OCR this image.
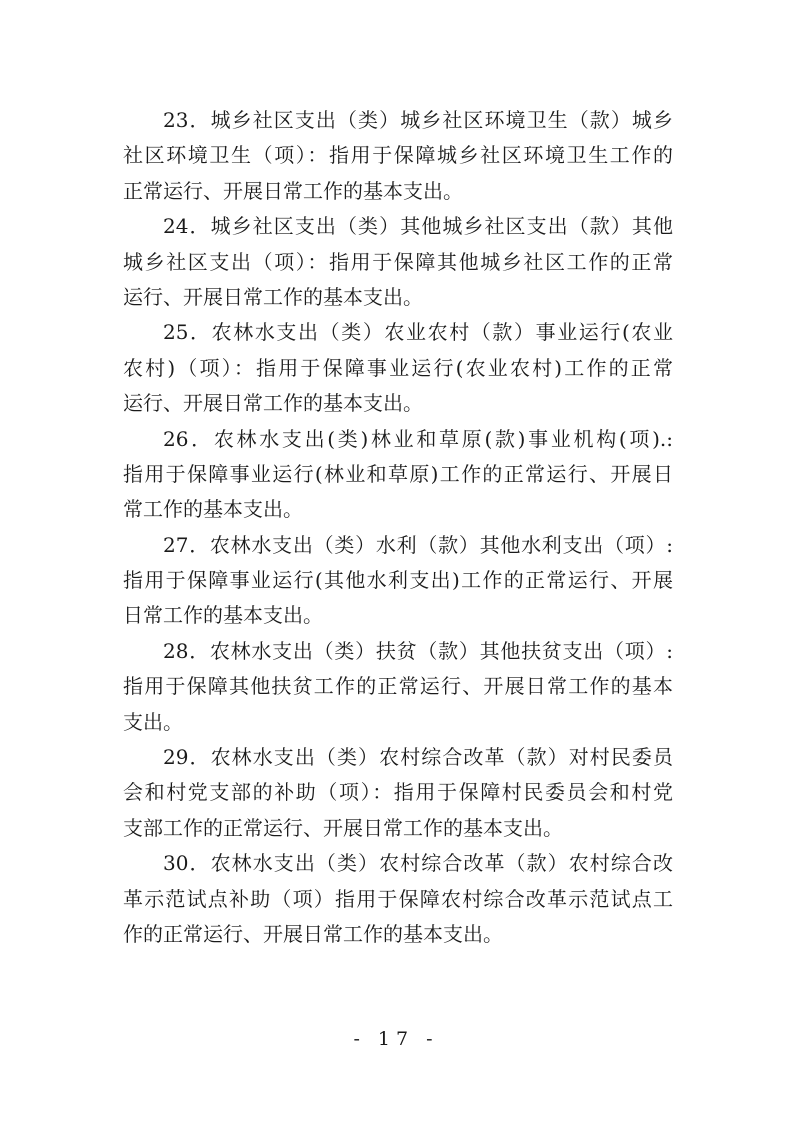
23．城乡社区支出（类）城乡社区环境卫生（款）城乡
社区环境卫生（项）：指用于保障城乡社区环境卫生工作的
正常运行、开展日常工作的基本支出。
24．城乡社区支出（类）其他城乡社区支出（款）其他
城乡社区支出（项）：指用于保障其他城乡社区工作的正常
运行、开展日常工作的基本支出。
25．农林水支出（类）农业农村（款）事业运行(农业
农村)（项）：指用于保障事业运行(农业农村)工作的正常
运行、开展日常工作的基本支出。
26．农林水支出(类)林业和草原(款)事业机构(项).:
指用于保障事业运行(林业和草原)工作的正常运行、开展日
常工作的基本支出。
27．农林水支出（类）水利（款）其他水利支出（项）:
指用于保障事业运行(其他水利支出)工作的正常运行、开展
日常工作的基本支出。
28．农林水支出（类）扶贫（款）其他扶贫支出（项）:
指用于保障其他扶贫工作的正常运行、开展日常工作的基本
支出。
29．农林水支出（类）农村综合改革（款）对村民委员
会和村党支部的补助（项）：指用于保障村民委员会和村党
支部工作的正常运行、开展日常工作的基本支出。
30．农林水支出（类）农村综合改革（款）农村综合改
革示范试点补助（项）指用于保障农村综合改革示范试点工
作的正常运行、开展日常工作的基本支出。
- 17 -
